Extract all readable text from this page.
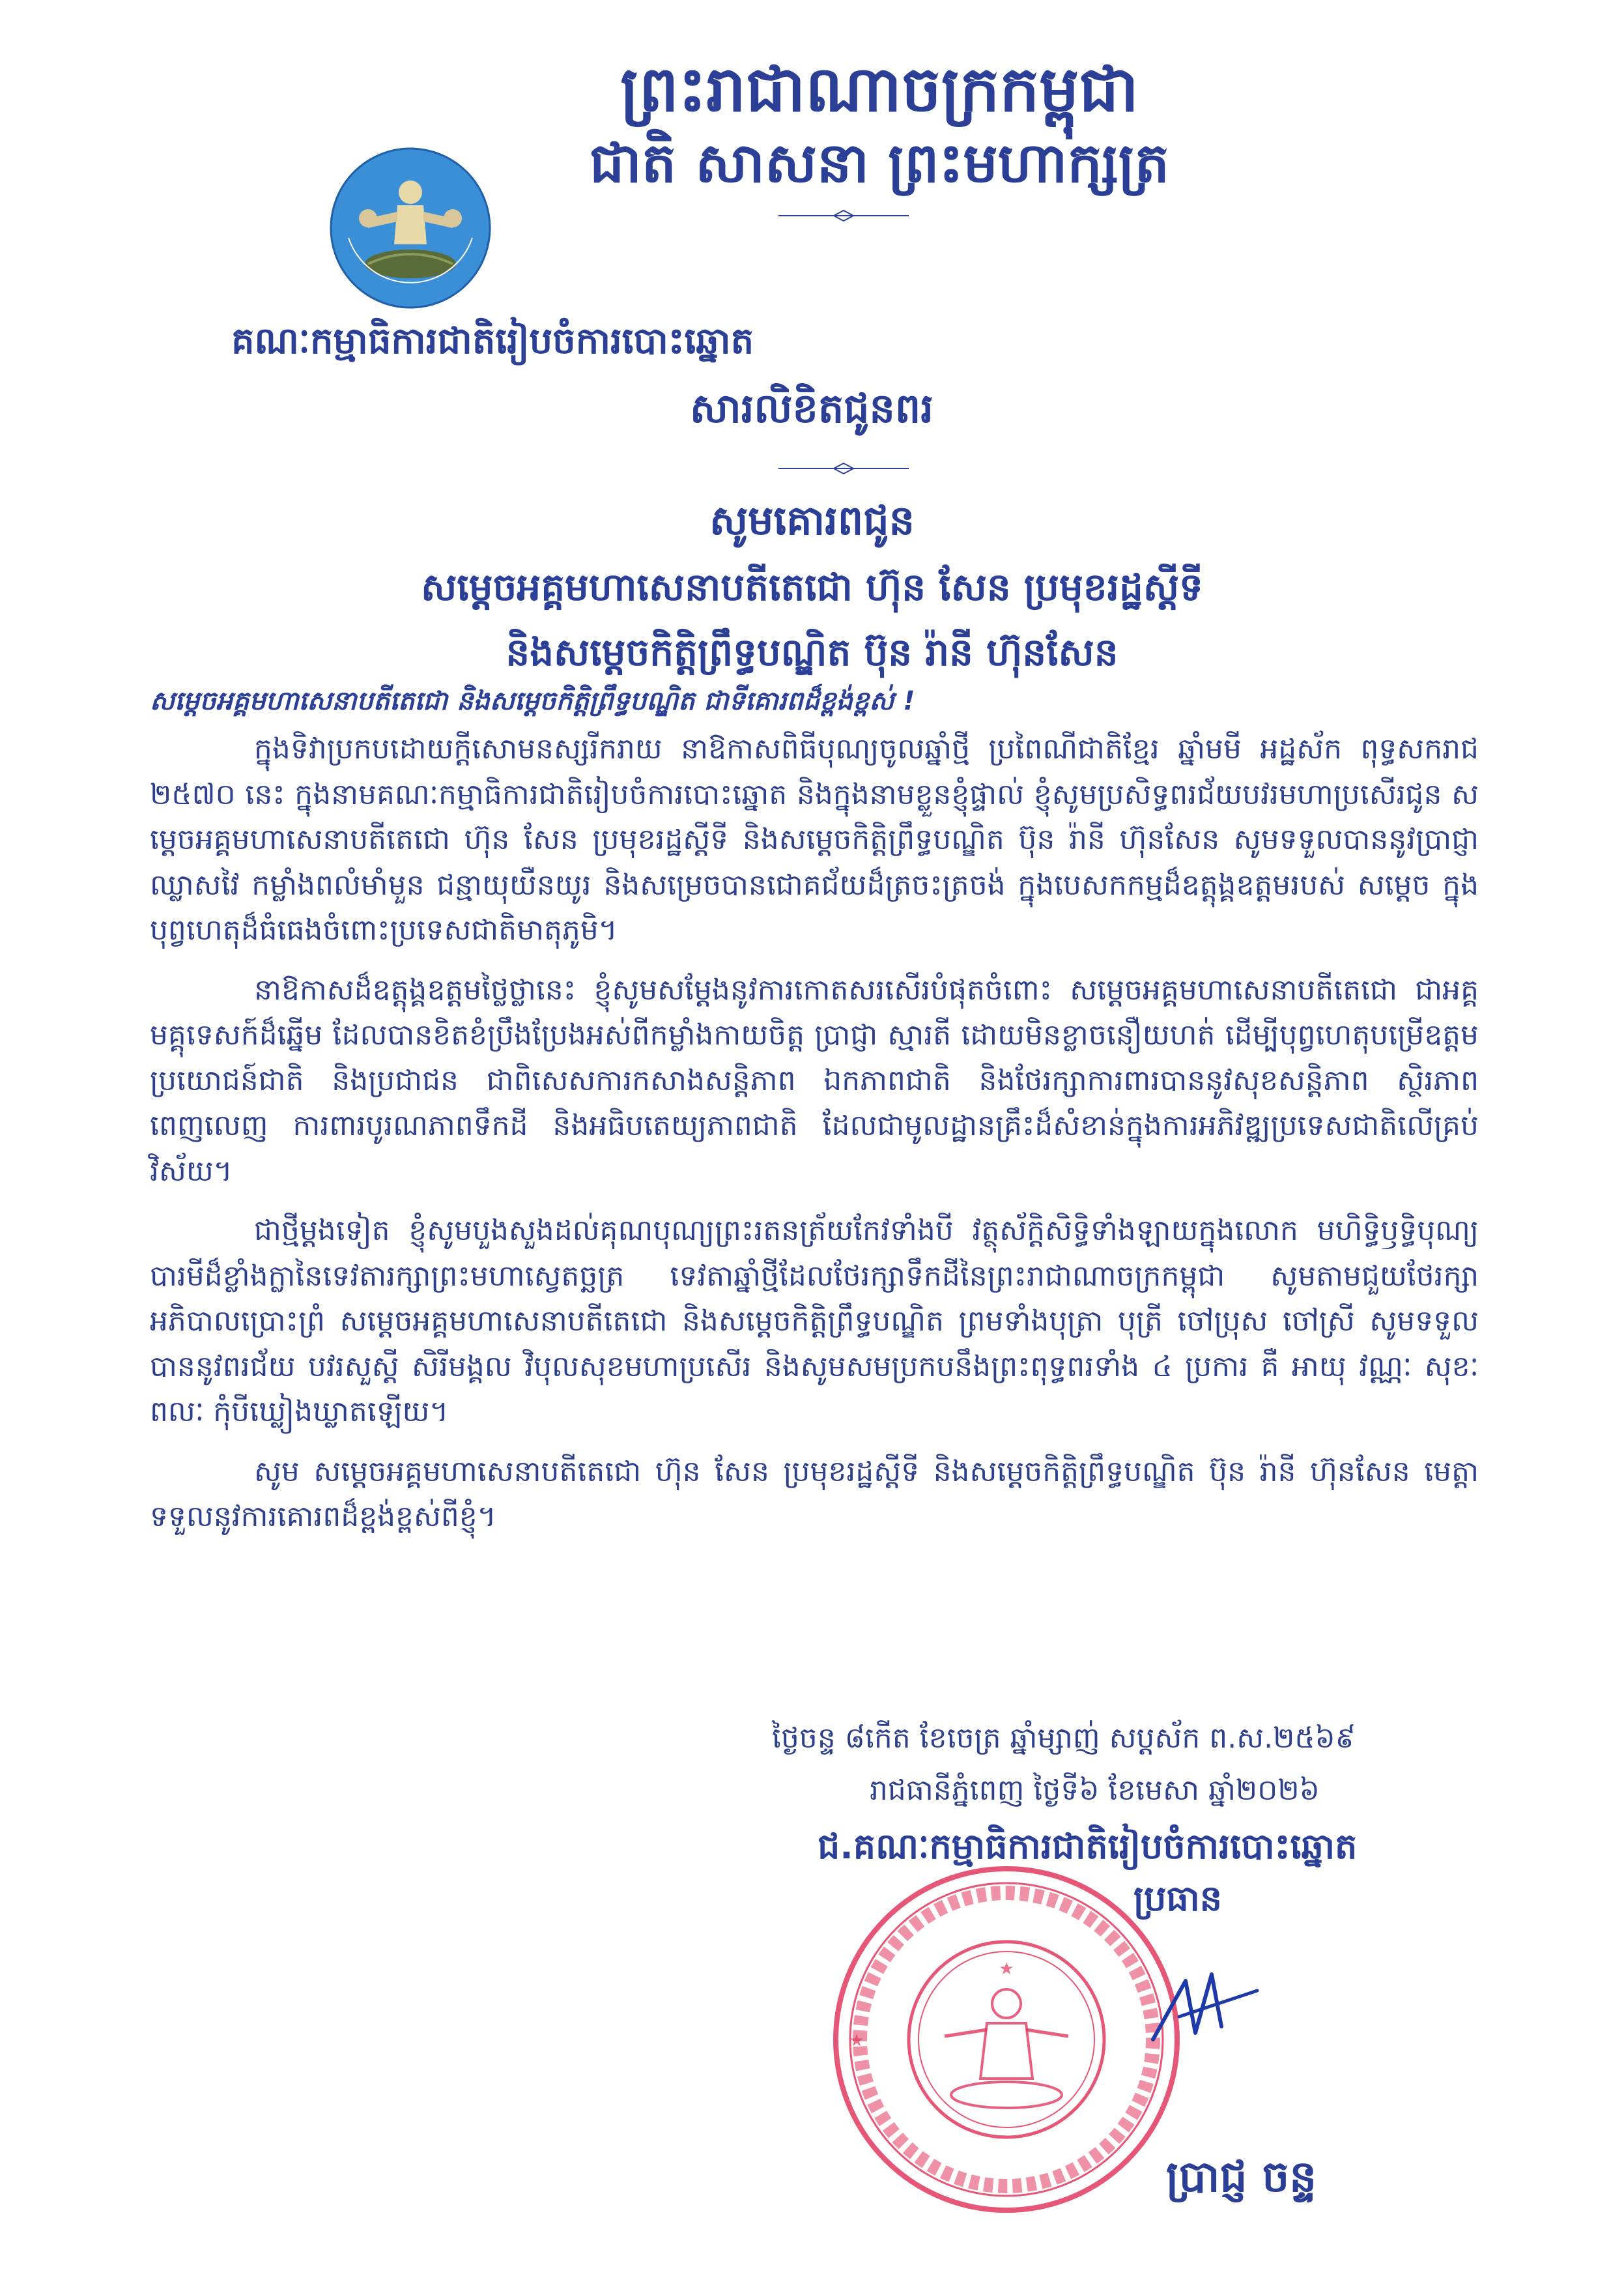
ព្រះរាជាណាចក្រកម្ពុជា
ជាតិ សាសនា ព្រះមហាក្សត្រ
គណៈកម្មាធិការជាតិរៀបចំការបោះឆ្នោត
សារលិខិតជូនពរ
សូមគោរពជូន
សម្តេចអគ្គមហាសេនាបតីតេជោ ហ៊ុន សែន ប្រមុខរដ្ឋស្តីទី
និងសម្តេចកិត្តិព្រឹទ្ធបណ្ឌិត ប៊ុន រ៉ានី ហ៊ុនសែន
សម្តេចអគ្គមហាសេនាបតីតេជោ និងសម្តេចកិត្តិព្រឹទ្ធបណ្ឌិត ជាទីគោរពដ៏ខ្ពង់ខ្ពស់ !

ក្នុងទិវាប្រកបដោយក្តីសោមនស្សរីករាយ នាឱកាសពិធីបុណ្យចូលឆ្នាំថ្មី ប្រពៃណីជាតិខ្មែរ ឆ្នាំមមី អដ្ឋស័ក ពុទ្ធសករាជ ២៥៧០ នេះ ក្នុងនាមគណៈកម្មាធិការជាតិរៀបចំការបោះឆ្នោត និងក្នុងនាមខ្លួនខ្ញុំផ្ទាល់ ខ្ញុំសូមប្រសិទ្ធពរជ័យបវរមហាប្រសើរជូន សម្តេចអគ្គមហាសេនាបតីតេជោ ហ៊ុន សែន ប្រមុខរដ្ឋស្តីទី និងសម្តេចកិត្តិព្រឹទ្ធបណ្ឌិត ប៊ុន រ៉ានី ហ៊ុនសែន សូមទទួលបាននូវប្រាជ្ញាឈ្លាសវៃ កម្លាំងពលំមាំមួន ជន្មាយុយឺនយូរ និងសម្រេចបានជោគជ័យដ៏ត្រចះត្រចង់ ក្នុងបេសកកម្មដ៏ឧត្តុង្គឧត្តមរបស់ សម្តេច ក្នុងបុព្វហេតុដ៏ធំធេងចំពោះប្រទេសជាតិមាតុភូមិ។

នាឱកាសដ៏ឧត្តុង្គឧត្តមថ្លៃថ្លានេះ ខ្ញុំសូមសម្តែងនូវការកោតសរសើរបំផុតចំពោះ សម្តេចអគ្គមហាសេនាបតីតេជោ ជាអគ្គមគ្គុទេសក៍ដ៏ឆ្នើម ដែលបានខិតខំប្រឹងប្រែងអស់ពីកម្លាំងកាយចិត្ត ប្រាជ្ញា ស្មារតី ដោយមិនខ្លាចនឿយហត់ ដើម្បីបុព្វហេតុបម្រើឧត្តមប្រយោជន៍ជាតិ និងប្រជាជន ជាពិសេសការកសាងសន្តិភាព ឯកភាពជាតិ និងថែរក្សាការពារបាននូវសុខសន្តិភាព ស្ថិរភាពពេញលេញ ការពារបូរណភាពទឹកដី និងអធិបតេយ្យភាពជាតិ ដែលជាមូលដ្ឋានគ្រឹះដ៏សំខាន់ក្នុងការអភិវឌ្ឍប្រទេសជាតិលើគ្រប់វិស័យ។

ជាថ្មីម្តងទៀត ខ្ញុំសូមបួងសួងដល់គុណបុណ្យព្រះរតនត្រ័យកែវទាំងបី វត្ថុស័ក្តិសិទ្ធិទាំងឡាយក្នុងលោក មហិទ្ធិឫទ្ធិបុណ្យបារមីដ៏ខ្លាំងក្លានៃទេវតារក្សាព្រះមហាស្វេតច្ឆត្រ ទេវតាឆ្នាំថ្មីដែលថែរក្សាទឹកដីនៃព្រះរាជាណាចក្រកម្ពុជា សូមតាមជួយថែរក្សាអភិបាលប្រោះព្រំ សម្តេចអគ្គមហាសេនាបតីតេជោ និងសម្តេចកិត្តិព្រឹទ្ធបណ្ឌិត ព្រមទាំងបុត្រា បុត្រី ចៅប្រុស ចៅស្រី សូមទទួលបាននូវពរជ័យ បវរសួស្តី សិរីមង្គល វិបុលសុខមហាប្រសើរ និងសូមសមប្រកបនឹងព្រះពុទ្ធពរទាំង ៤ ប្រការ គឺ អាយុ វណ្ណៈ សុខៈ ពលៈ កុំបីឃ្លៀងឃ្លាតឡើយ។

សូម សម្តេចអគ្គមហាសេនាបតីតេជោ ហ៊ុន សែន ប្រមុខរដ្ឋស្តីទី និងសម្តេចកិត្តិព្រឹទ្ធបណ្ឌិត ប៊ុន រ៉ានី ហ៊ុនសែន មេត្តាទទួលនូវការគោរពដ៏ខ្ពង់ខ្ពស់ពីខ្ញុំ។

ថ្ងៃចន្ទ ៨កើត ខែចេត្រ ឆ្នាំម្សាញ់ សប្តស័ក ព.ស.២៥៦៩
រាជធានីភ្នំពេញ ថ្ងៃទី៦ ខែមេសា ឆ្នាំ២០២៦
★
★
ជ.គណៈកម្មាធិការជាតិរៀបចំការបោះឆ្នោត
ប្រធាន
ប្រាជ្ញ ចន្ទ
